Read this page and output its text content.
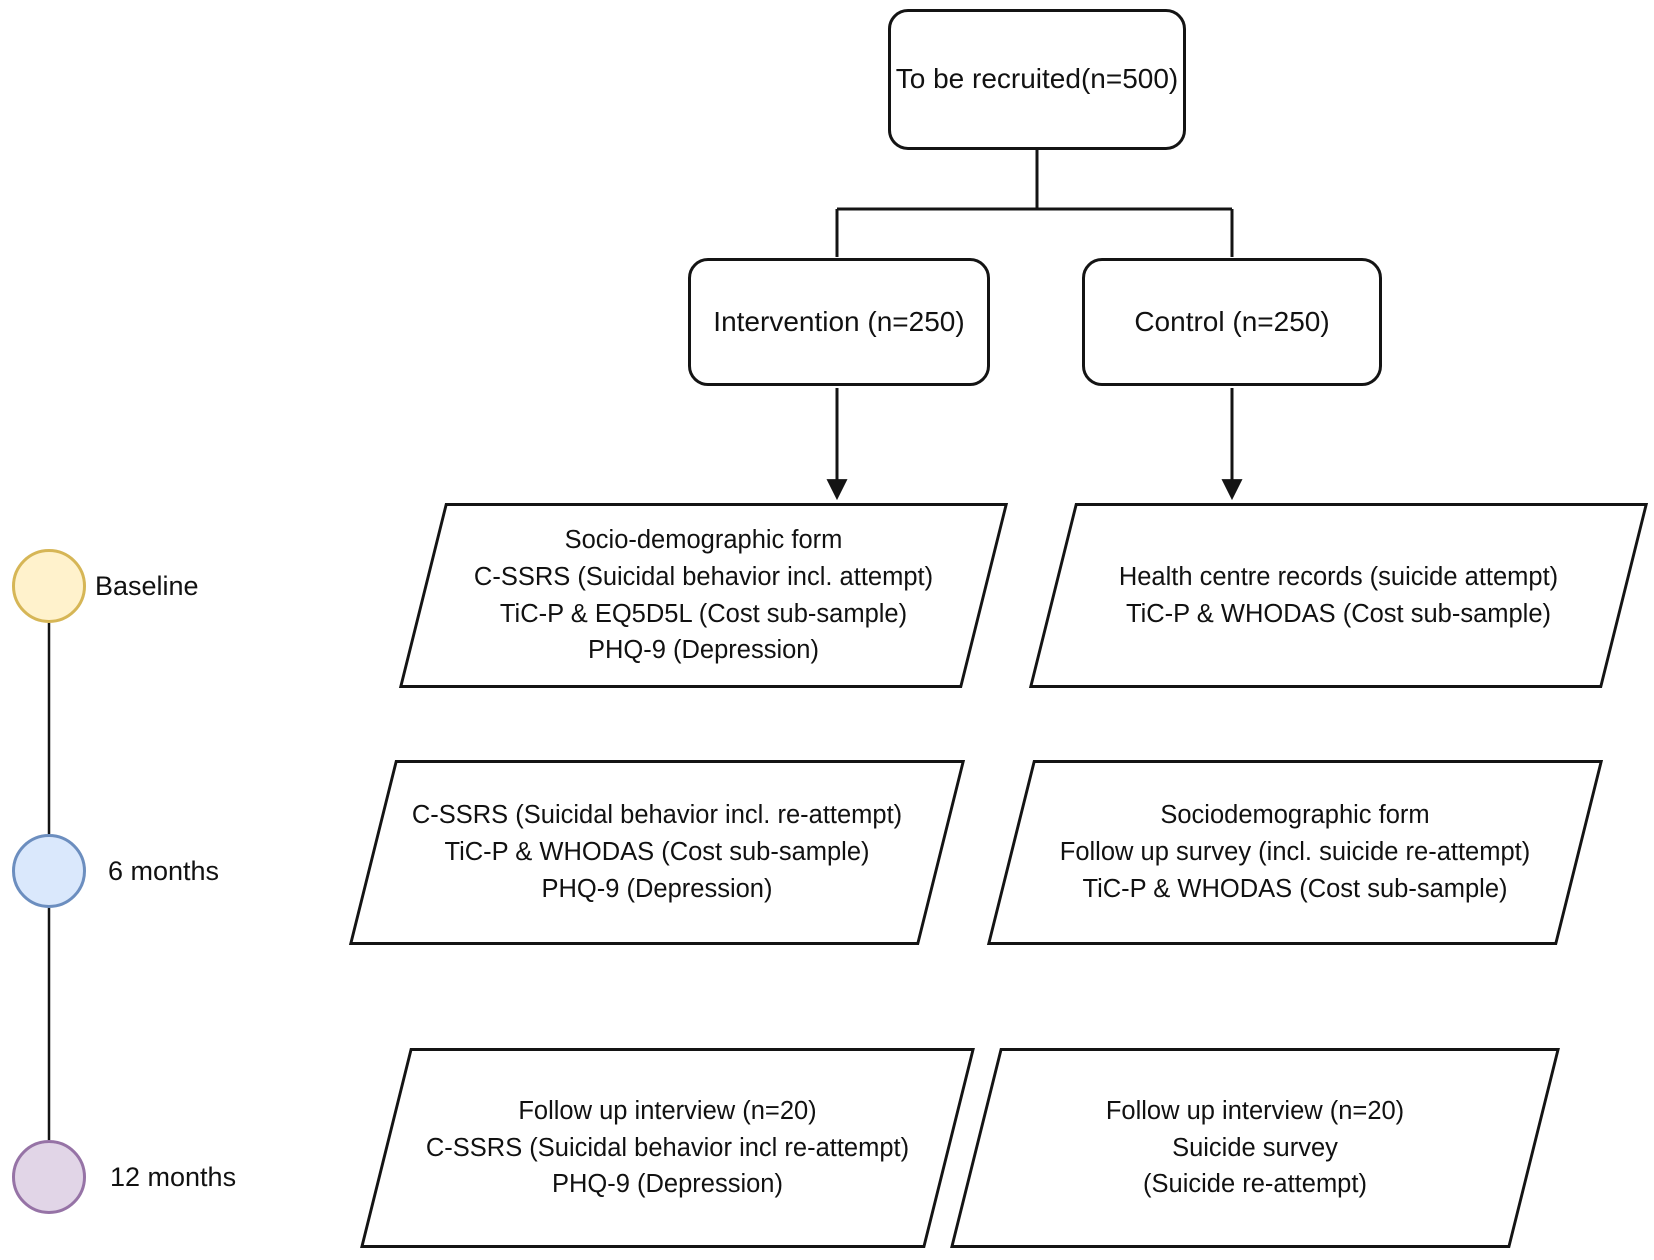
To be recruited (n=500)
Intervention (n=250)	Control (n=250)
Socio-demographic form
C-SSRS (Suicidal behavior incl. attempt)
TiC-P & EQ5D5L (Cost sub-sample)
PHQ-9 (Depression)
Health centre records (suicide attempt)
TiC-P & WHODAS (Cost sub-sample)
C-SSRS (Suicidal behavior incl. re-attempt)
TiC-P & WHODAS (Cost sub-sample)
PHQ-9 (Depression)
Sociodemographic form
Follow up survey (incl. suicide re-attempt)
TiC-P & WHODAS (Cost sub-sample)
Follow up interview (n=20)
C-SSRS (Suicidal behavior incl re-attempt)
PHQ-9 (Depression)
Follow up interview (n=20)
Suicide survey
(Suicide re-attempt)
Baseline
6 months
12 months
